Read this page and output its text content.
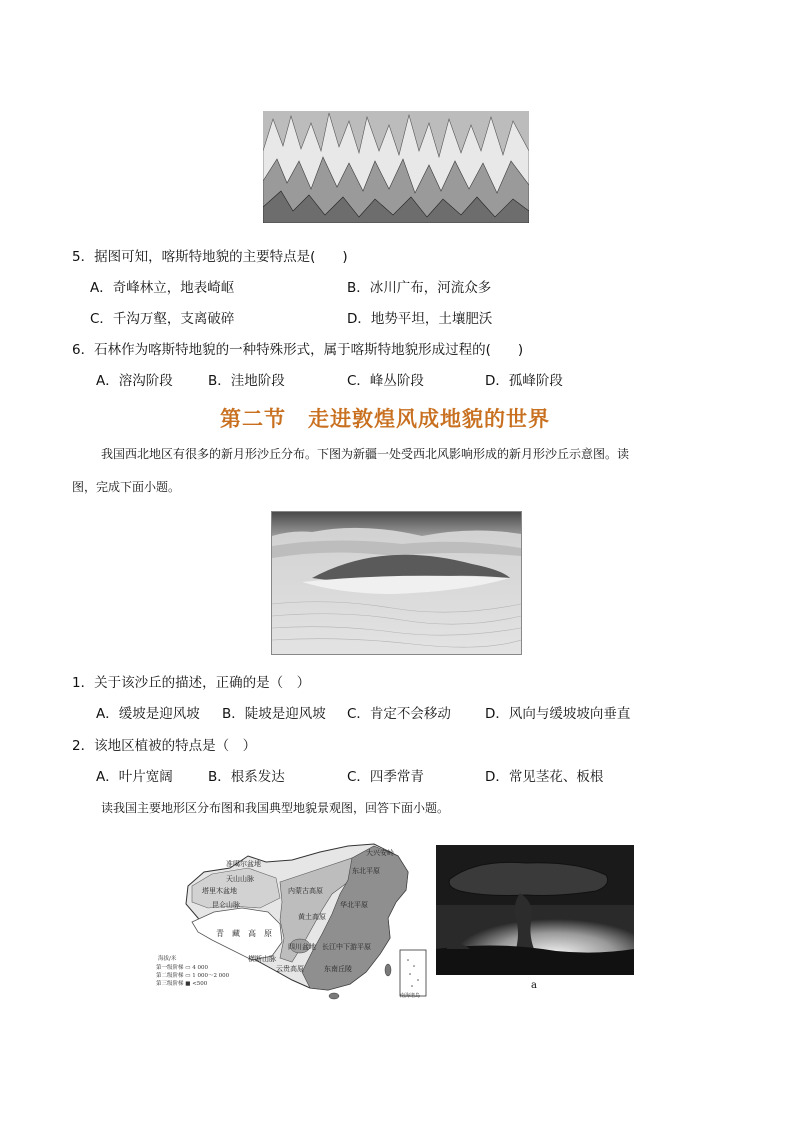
5．据图可知，喀斯特地貌的主要特点是(　　)
A．奇峰林立，地表崎岖	B．冰川广布，河流众多
C．千沟万壑，支离破碎	D．地势平坦，土壤肥沃
6．石林作为喀斯特地貌的一种特殊形式，属于喀斯特地貌形成过程的(　　)
A．溶沟阶段	B．洼地阶段	C．峰丛阶段	D．孤峰阶段
第二节　走进敦煌风成地貌的世界
我国西北地区有很多的新月形沙丘分布。下图为新疆一处受西北风影响形成的新月形沙丘示意图。读
图，完成下面小题。
1．关于该沙丘的描述，正确的是（　）
A．缓坡是迎风坡 B．陡坡是迎风坡 C．肯定不会移动	D．风向与缓坡坡向垂直
2．该地区植被的特点是（　）
A．叶片宽阔	B．根系发达	C．四季常青	D．常见茎花、板根
读我国主要地形区分布图和我国典型地貌景观图，回答下面小题。
准噶尔盆地
天山山脉
塔里木盆地
昆仑山脉
青　藏　高　原
内蒙古高原
东北平原
华北平原
黄土高原
四川盆地
云贵高原
长江中下游平原
东南丘陵
横断山脉
大兴安岭
南海诸岛
海拔/米
第一级阶梯 ▭ 4 000
第二级阶梯 ▭ 1 000～2 000
第三级阶梯 ■ <500	a
